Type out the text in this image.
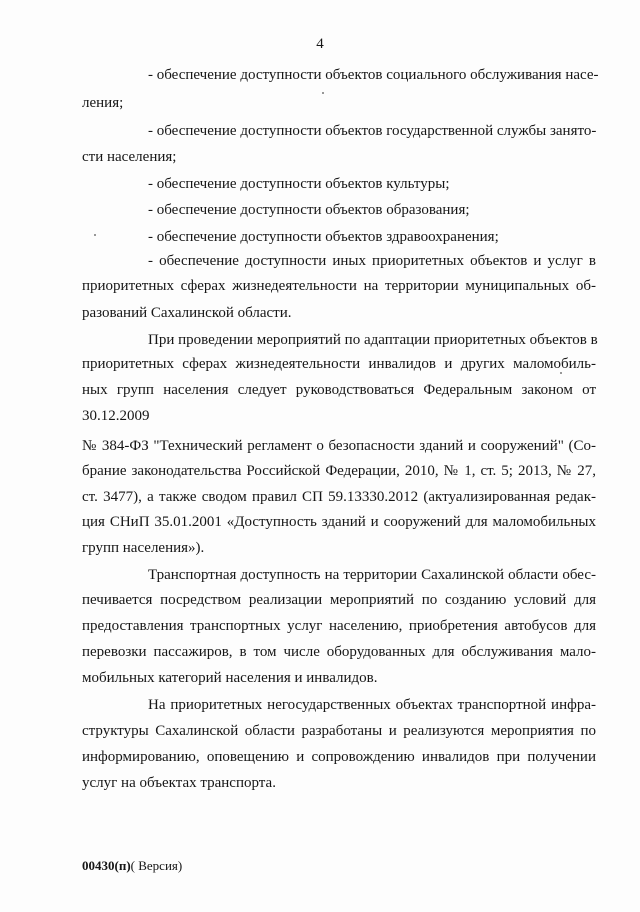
4
- обеспечение доступности объектов социального обслуживания насе-
ления;
- обеспечение доступности объектов государственной службы занято-
сти населения;
- обеспечение доступности объектов культуры;
- обеспечение доступности объектов образования;
- обеспечение доступности объектов здравоохранения;
- обеспечение доступности иных приоритетных объектов и услуг в
приоритетных сферах жизнедеятельности на территории муниципальных об-
разований Сахалинской области.
При проведении мероприятий по адаптации приоритетных объектов в
приоритетных сферах жизнедеятельности инвалидов и других маломобиль-
ных групп населения следует руководствоваться Федеральным законом от
30.12.2009
№ 384-ФЗ "Технический регламент о безопасности зданий и сооружений" (Со-
брание законодательства Российской Федерации, 2010, № 1, ст. 5; 2013, № 27,
ст. 3477), а также сводом правил СП 59.13330.2012 (актуализированная редак-
ция СНиП 35.01.2001 «Доступность зданий и сооружений для маломобильных
групп населения»).
Транспортная доступность на территории Сахалинской области обес-
печивается посредством реализации мероприятий по созданию условий для
предоставления транспортных услуг населению, приобретения автобусов для
перевозки пассажиров, в том числе оборудованных для обслуживания мало-
мобильных категорий населения и инвалидов.
На приоритетных негосударственных объектах транспортной инфра-
структуры Сахалинской области разработаны и реализуются мероприятия по
информированию, оповещению и сопровождению инвалидов при получении
услуг на объектах транспорта.
00430(п)( Версия)
